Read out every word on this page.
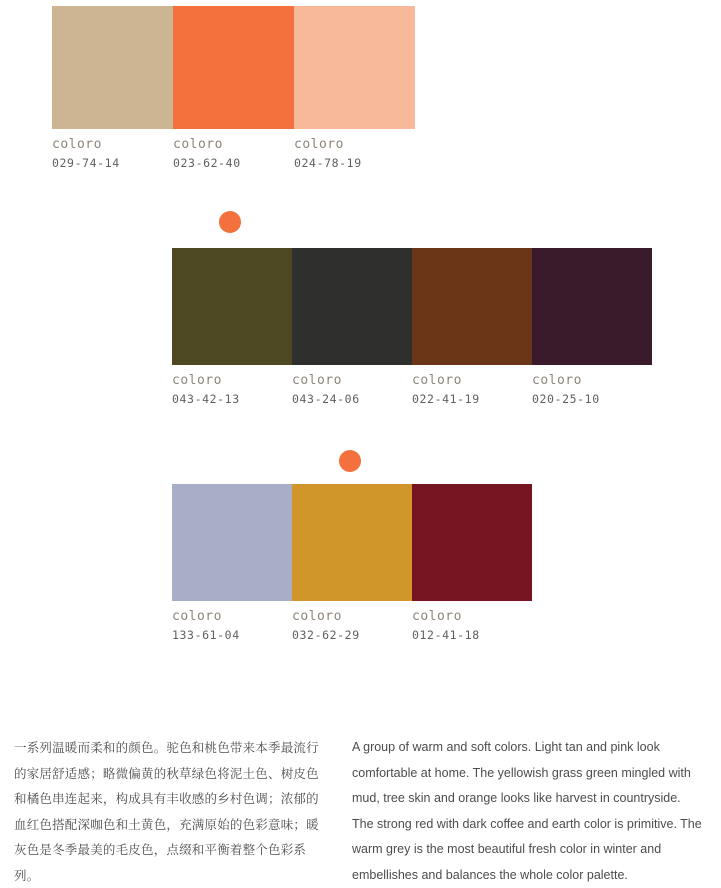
coloro
029-74-14
coloro
023-62-40
coloro
024-78-19
coloro
043-42-13
coloro
043-24-06
coloro
022-41-19
coloro
020-25-10
coloro
133-61-04
coloro
032-62-29
coloro
012-41-18
一系列温暖而柔和的颜色。驼色和桃色带来本季最流行的家居舒适感；略微偏黄的秋草绿色将泥土色、树皮色和橘色串连起来，构成具有丰收感的乡村色调；浓郁的血红色搭配深咖色和土黄色，充满原始的色彩意味；暖灰色是冬季最美的毛皮色，点缀和平衡着整个色彩系列。
A group of warm and soft colors. Light tan and pink look comfortable at home. The yellowish grass green mingled with mud, tree skin and orange looks like harvest in countryside. The strong red with dark coffee and earth color is primitive. The warm grey is the most beautiful fresh color in winter and embellishes and balances the whole color palette.
